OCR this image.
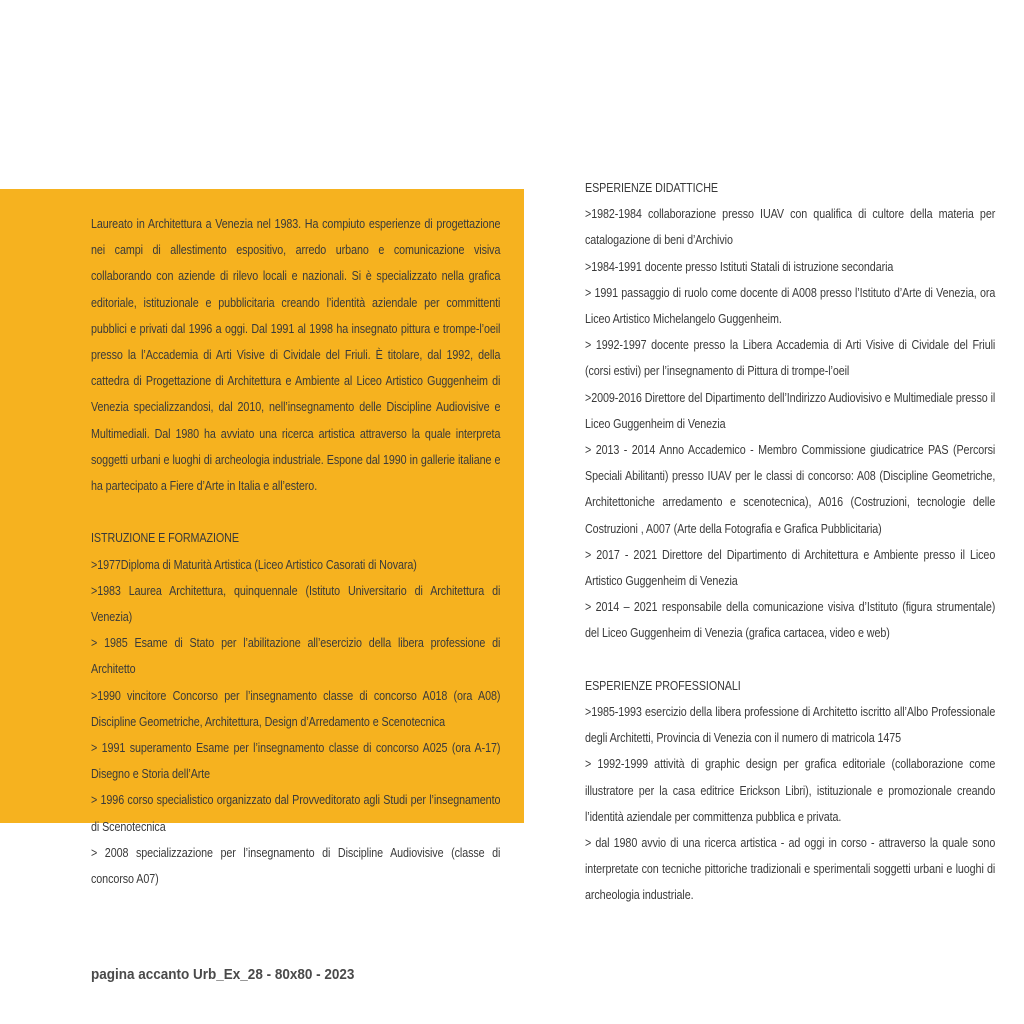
Laureato in Architettura a Venezia nel 1983. Ha compiuto esperienze di progettazione nei campi di allestimento espositivo, arredo urbano e comunicazione visiva collaborando con aziende di rilevo locali e nazionali. Si è specializzato nella grafica editoriale, istituzionale e pubblicitaria creando l’identità aziendale per committenti pubblici e privati dal 1996 a oggi. Dal 1991 al 1998 ha insegnato pittura e trompe-l’oeil presso la l’Accademia di Arti Visive di Cividale del Friuli. È titolare, dal 1992, della cattedra di Progettazione di Architettura e Ambiente al Liceo Artistico Guggenheim di Venezia specializzandosi, dal 2010, nell’insegnamento delle Discipline Audiovisive e Multimediali. Dal 1980 ha avviato una ricerca artistica attraverso la quale interpreta soggetti urbani e luoghi di archeologia industriale. Espone dal 1990 in gallerie italiane e ha partecipato a Fiere d’Arte in Italia e all’estero.

ISTRUZIONE E FORMAZIONE

>1977Diploma di Maturità Artistica (Liceo Artistico Casorati di Novara)

>1983 Laurea Architettura, quinquennale (Istituto Universitario di Architettura di Venezia)

> 1985 Esame di Stato per l’abilitazione all’esercizio della libera professione di Architetto

>1990 vincitore Concorso per l’insegnamento classe di concorso A018 (ora A08) Discipline Geometriche, Architettura, Design d’Arredamento e Scenotecnica

> 1991 superamento Esame per l’insegnamento classe di concorso A025 (ora A-17) Disegno e Storia dell’Arte

> 1996 corso specialistico organizzato dal Provveditorato agli Studi per l’insegnamento di Scenotecnica

> 2008 specializzazione per l’insegnamento di Discipline Audiovisive (classe di concorso A07)

ESPERIENZE DIDATTICHE

>1982-1984 collaborazione presso IUAV con qualifica di cultore della materia per catalogazione di beni d’Archivio

>1984-1991 docente presso Istituti Statali di istruzione secondaria

> 1991 passaggio di ruolo come docente di A008 presso l’Istituto d’Arte di Venezia, ora Liceo Artistico Michelangelo Guggenheim.

> 1992-1997 docente presso la Libera Accademia di Arti Visive di Cividale del Friuli (corsi estivi) per l’insegnamento di Pittura di trompe-l’oeil

>2009-2016 Direttore del Dipartimento dell’Indirizzo Audiovisivo e Multimediale presso il Liceo Guggenheim di Venezia

> 2013 - 2014 Anno Accademico - Membro Commissione giudicatrice PAS (Percorsi Speciali Abilitanti) presso IUAV per le classi di concorso: A08 (Discipline Geometriche, Architettoniche arredamento e scenotecnica), A016 (Costruzioni, tecnologie delle Costruzioni , A007 (Arte della Fotografia e Grafica Pubblicitaria)

> 2017 - 2021 Direttore del Dipartimento di Architettura e Ambiente presso il Liceo Artistico Guggenheim di Venezia

> 2014 – 2021 responsabile della comunicazione visiva d’Istituto (figura strumentale) del Liceo Guggenheim di Venezia (grafica cartacea, video e web)

ESPERIENZE PROFESSIONALI

>1985-1993 esercizio della libera professione di Architetto iscritto all’Albo Professionale degli Architetti, Provincia di Venezia con il numero di matricola 1475

> 1992-1999 attività di graphic design per grafica editoriale (collaborazione come illustratore per la casa editrice Erickson Libri), istituzionale e promozionale creando l’identità aziendale per committenza pubblica e privata.

> dal 1980 avvio di una ricerca artistica - ad oggi in corso - attraverso la quale sono interpretate con tecniche pittoriche tradizionali e sperimentali soggetti urbani e luoghi di archeologia industriale.

pagina accanto Urb_Ex_28 - 80x80 - 2023
